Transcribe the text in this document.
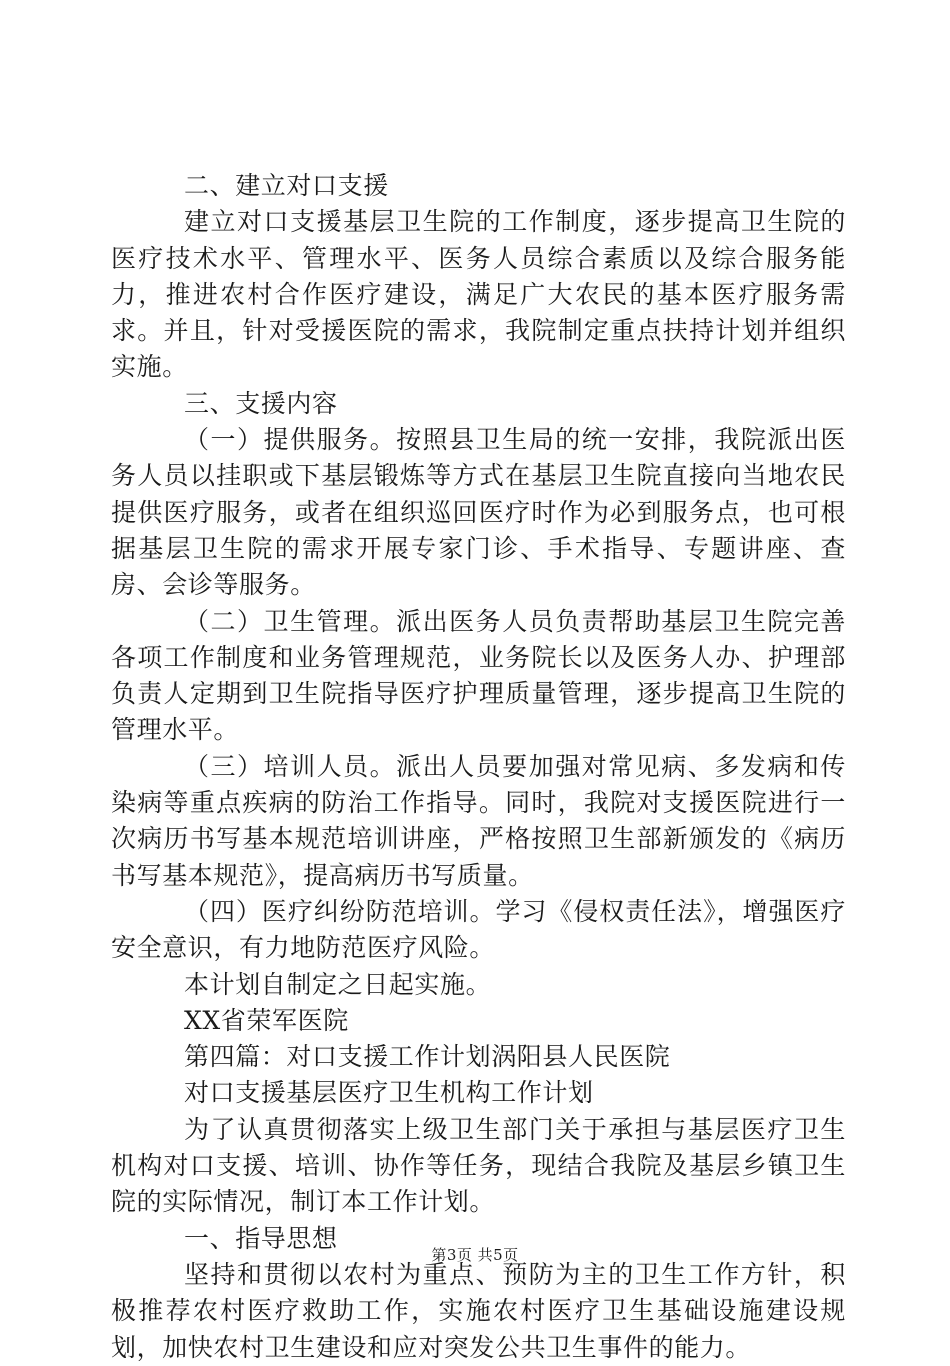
二、建立对口支援

建立对口支援基层卫生院的工作制度，逐步提高卫生院的医疗技术水平、管理水平、医务人员综合素质以及综合服务能力，推进农村合作医疗建设，满足广大农民的基本医疗服务需求。并且，针对受援医院的需求，我院制定重点扶持计划并组织实施。

三、支援内容

（一）提供服务。按照县卫生局的统一安排，我院派出医务人员以挂职或下基层锻炼等方式在基层卫生院直接向当地农民提供医疗服务，或者在组织巡回医疗时作为必到服务点，也可根据基层卫生院的需求开展专家门诊、手术指导、专题讲座、查房、会诊等服务。

（二）卫生管理。派出医务人员负责帮助基层卫生院完善各项工作制度和业务管理规范，业务院长以及医务人办、护理部负责人定期到卫生院指导医疗护理质量管理，逐步提高卫生院的管理水平。

（三）培训人员。派出人员要加强对常见病、多发病和传染病等重点疾病的防治工作指导。同时，我院对支援医院进行一次病历书写基本规范培训讲座，严格按照卫生部新颁发的《病历书写基本规范》，提高病历书写质量。

（四）医疗纠纷防范培训。学习《侵权责任法》，增强医疗安全意识，有力地防范医疗风险。

本计划自制定之日起实施。

XX省荣军医院

第四篇：对口支援工作计划涡阳县人民医院

对口支援基层医疗卫生机构工作计划

为了认真贯彻落实上级卫生部门关于承担与基层医疗卫生机构对口支援、培训、协作等任务，现结合我院及基层乡镇卫生院的实际情况，制订本工作计划。

一、指导思想

坚持和贯彻以农村为重点、预防为主的卫生工作方针，积极推荐农村医疗救助工作，实施农村医疗卫生基础设施建设规划，加快农村卫生建设和应对突发公共卫生事件的能力。

第3页 共5页
